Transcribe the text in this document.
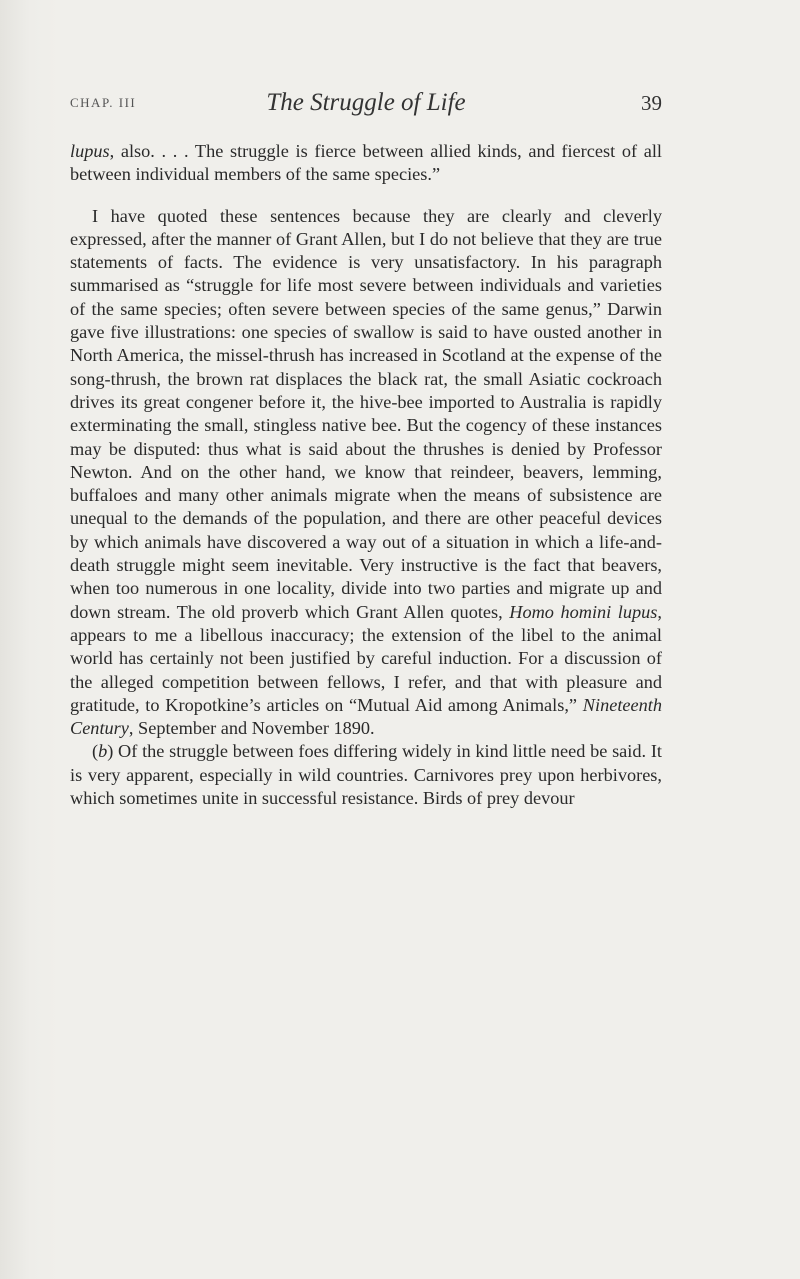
CHAP. III	The Struggle of Life	39

lupus, also. . . . The struggle is fierce between allied kinds, and fiercest of all between individual members of the same species.”

I have quoted these sentences because they are clearly and cleverly expressed, after the manner of Grant Allen, but I do not believe that they are true statements of facts. The evidence is very unsatisfactory. In his paragraph summarised as “struggle for life most severe between individuals and varieties of the same species; often severe between species of the same genus,” Darwin gave five illustrations: one species of swallow is said to have ousted another in North America, the missel-thrush has increased in Scotland at the expense of the song-thrush, the brown rat displaces the black rat, the small Asiatic cockroach drives its great congener before it, the hive-bee imported to Australia is rapidly exterminating the small, stingless native bee. But the cogency of these instances may be disputed: thus what is said about the thrushes is denied by Professor Newton. And on the other hand, we know that reindeer, beavers, lemming, buffaloes and many other animals migrate when the means of subsistence are unequal to the demands of the population, and there are other peaceful devices by which animals have discovered a way out of a situation in which a life-and-death struggle might seem inevitable. Very instructive is the fact that beavers, when too numerous in one locality, divide into two parties and migrate up and down stream. The old proverb which Grant Allen quotes, Homo homini lupus, appears to me a libellous inaccuracy; the extension of the libel to the animal world has certainly not been justified by careful induction. For a discussion of the alleged competition between fellows, I refer, and that with pleasure and gratitude, to Kropotkine’s articles on “Mutual Aid among Animals,” Nineteenth Century, September and November 1890.

(b) Of the struggle between foes differing widely in kind little need be said. It is very apparent, especially in wild countries. Carnivores prey upon herbivores, which sometimes unite in successful resistance. Birds of prey devour
